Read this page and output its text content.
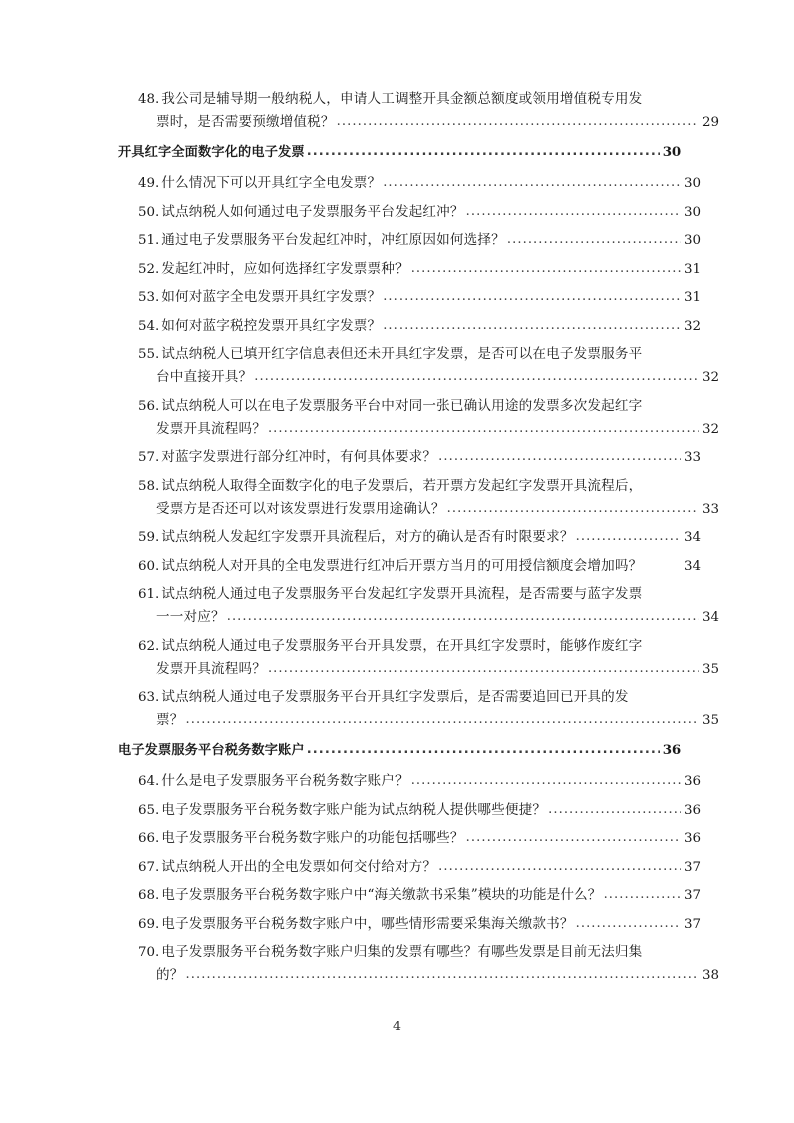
48. 我公司是辅导期一般纳税人，申请人工调整开具金额总额度或领用增值税专用发
票时，是否需要预缴增值税？ .....	29
开具红字全面数字化的电子发票 .....	30
49. 什么情况下可以开具红字全电发票？ .....	30
50. 试点纳税人如何通过电子发票服务平台发起红冲？ .....	30
51. 通过电子发票服务平台发起红冲时，冲红原因如何选择？ .....	30
52. 发起红冲时，应如何选择红字发票票种？ .....	31
53. 如何对蓝字全电发票开具红字发票？ .....	31
54. 如何对蓝字税控发票开具红字发票？ .....	32
55. 试点纳税人已填开红字信息表但还未开具红字发票，是否可以在电子发票服务平
台中直接开具？ .....	32
56. 试点纳税人可以在电子发票服务平台中对同一张已确认用途的发票多次发起红字
发票开具流程吗？ .....	32
57. 对蓝字发票进行部分红冲时，有何具体要求？ .....	33
58. 试点纳税人取得全面数字化的电子发票后，若开票方发起红字发票开具流程后，
受票方是否还可以对该发票进行发票用途确认？ .....	33
59. 试点纳税人发起红字发票开具流程后，对方的确认是否有时限要求？ .....	34
60. 试点纳税人对开具的全电发票进行红冲后开票方当月的可用授信额度会增加吗？	34
61. 试点纳税人通过电子发票服务平台发起红字发票开具流程，是否需要与蓝字发票
一一对应？ .....	34
62. 试点纳税人通过电子发票服务平台开具发票，在开具红字发票时，能够作废红字
发票开具流程吗？ .....	35
63. 试点纳税人通过电子发票服务平台开具红字发票后，是否需要追回已开具的发
票？ .....	35
电子发票服务平台税务数字账户 .....	36
64. 什么是电子发票服务平台税务数字账户？ .....	36
65. 电子发票服务平台税务数字账户能为试点纳税人提供哪些便捷？ .....	36
66. 电子发票服务平台税务数字账户的功能包括哪些？ .....	36
67. 试点纳税人开出的全电发票如何交付给对方？ .....	37
68. 电子发票服务平台税务数字账户中“海关缴款书采集”模块的功能是什么？ .....	37
69. 电子发票服务平台税务数字账户中，哪些情形需要采集海关缴款书？ .....	37
70. 电子发票服务平台税务数字账户归集的发票有哪些？有哪些发票是目前无法归集
的？ .....	38
4
